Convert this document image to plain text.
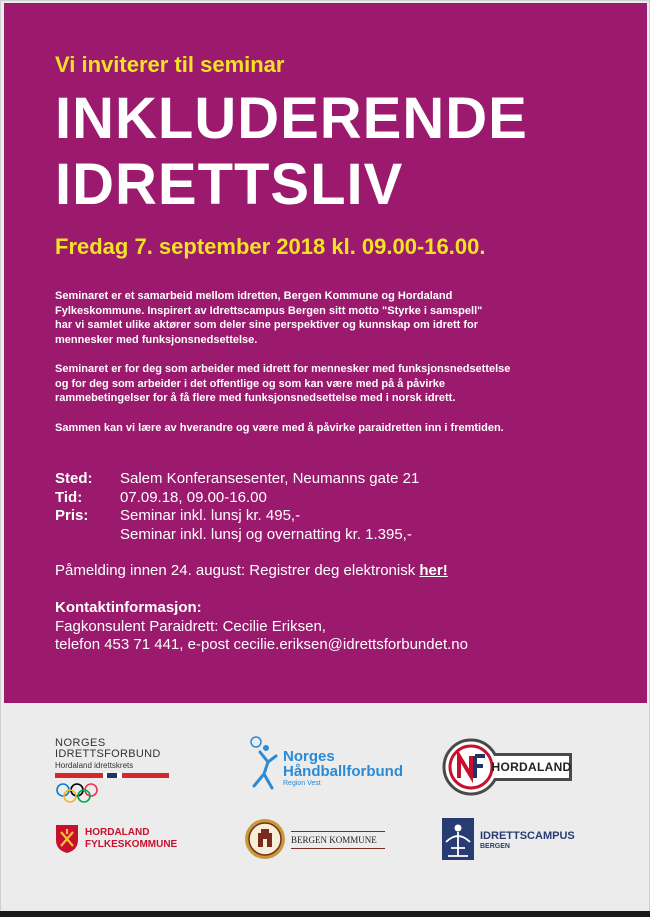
Vi inviterer til seminar
INKLUDERENDE
IDRETTSLIV
Fredag 7. september 2018 kl. 09.00-16.00.
Seminaret er et samarbeid mellom idretten, Bergen Kommune og Hordaland
Fylkeskommune. Inspirert av Idrettscampus Bergen sitt motto "Styrke i samspell"
har vi samlet ulike aktører som deler sine perspektiver og kunnskap om idrett for
mennesker med funksjonsnedsettelse.
Seminaret er for deg som arbeider med idrett for mennesker med funksjonsnedsettelse
og for deg som arbeider i det offentlige og som kan være med på å påvirke
rammebetingelser for å få flere med funksjonsnedsettelse med i norsk idrett.
Sammen kan vi lære av hverandre og være med å påvirke paraidretten inn i fremtiden.
Sted:	Salem Konferansesenter, Neumanns gate 21
Tid:	07.09.18, 09.00-16.00
Pris:	Seminar inkl. lunsj kr. 495,-
Seminar inkl. lunsj og overnatting kr. 1.395,-
Påmelding innen 24. august: Registrer deg elektronisk her!
Kontaktinformasjon:
Fagkonsulent Paraidrett: Cecilie Eriksen,
telefon 453 71 441, e-post cecilie.eriksen@idrettsforbundet.no
NORGES
IDRETTSFORBUND
Hordaland idrettskrets
Norges
Håndballforbund
Region Vest
HORDALAND
HORDALAND
FYLKESKOMMUNE	BERGEN KOMMUNE	IDRETTSCAMPUS
BERGEN
